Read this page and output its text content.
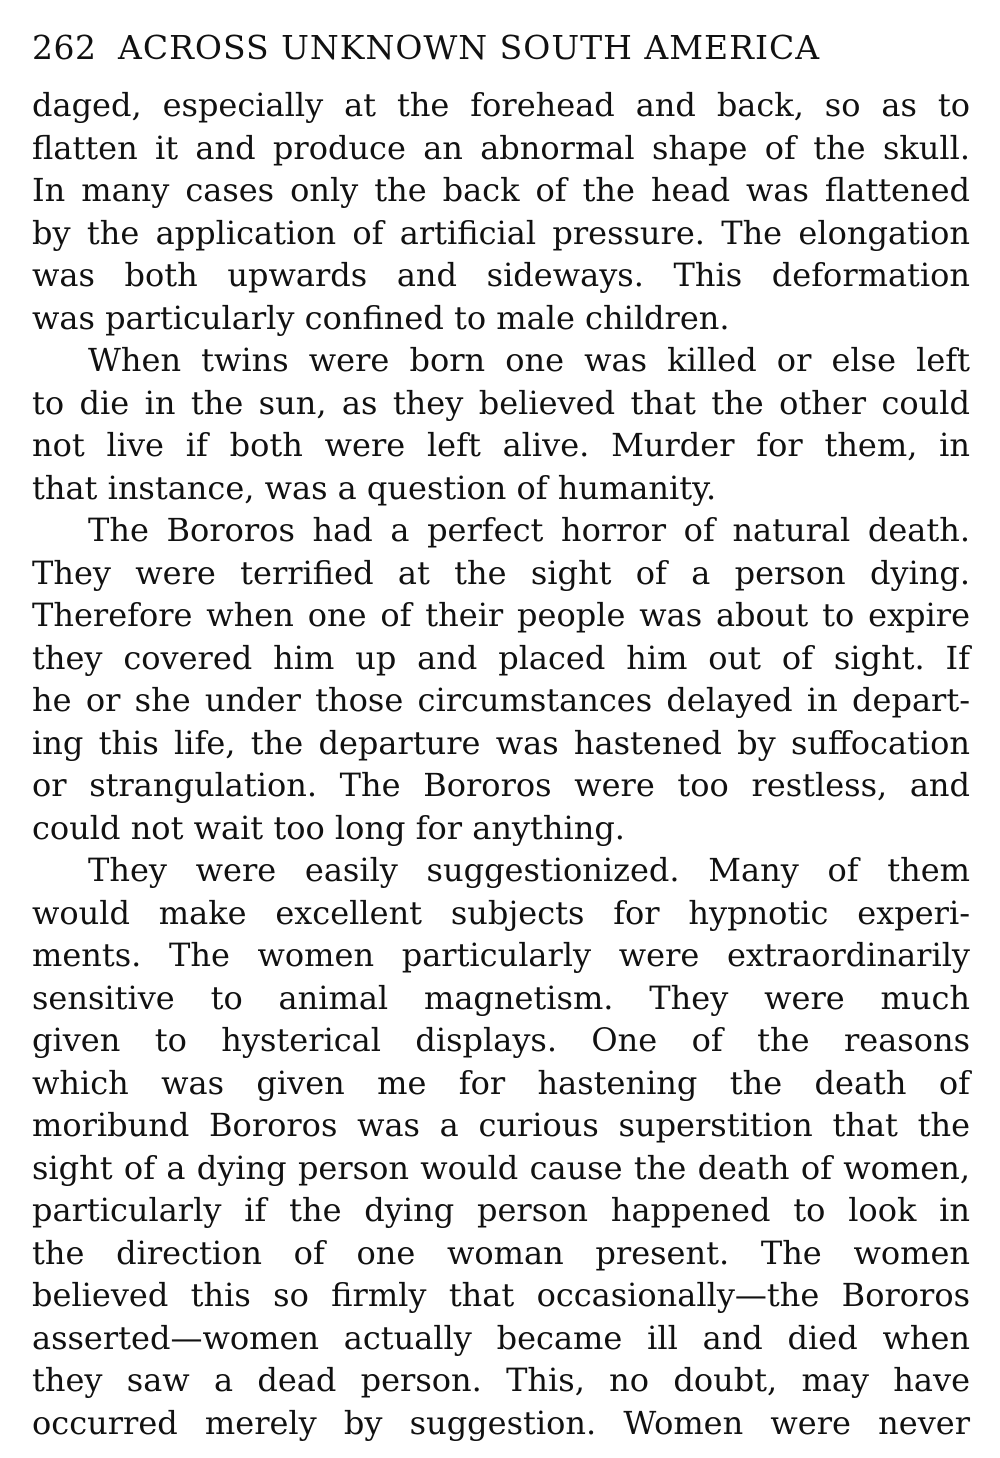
262 ACROSS UNKNOWN SOUTH AMERICA
daged, especially at the forehead and back, so as to
flatten it and produce an abnormal shape of the skull.
In many cases only the back of the head was flattened
by the application of artificial pressure. The elongation
was both upwards and sideways. This deformation
was particularly confined to male children.
When twins were born one was killed or else left
to die in the sun, as they believed that the other could
not live if both were left alive. Murder for them, in
that instance, was a question of humanity.
The Bororos had a perfect horror of natural death.
They were terrified at the sight of a person dying.
Therefore when one of their people was about to expire
they covered him up and placed him out of sight. If
he or she under those circumstances delayed in depart-
ing this life, the departure was hastened by suffocation
or strangulation. The Bororos were too restless, and
could not wait too long for anything.
They were easily suggestionized. Many of them
would make excellent subjects for hypnotic experi-
ments. The women particularly were extraordinarily
sensitive to animal magnetism. They were much
given to hysterical displays. One of the reasons
which was given me for hastening the death of
moribund Bororos was a curious superstition that the
sight of a dying person would cause the death of women,
particularly if the dying person happened to look in
the direction of one woman present. The women
believed this so firmly that occasionally—the Bororos
asserted—women actually became ill and died when
they saw a dead person. This, no doubt, may have
occurred merely by suggestion. Women were never
